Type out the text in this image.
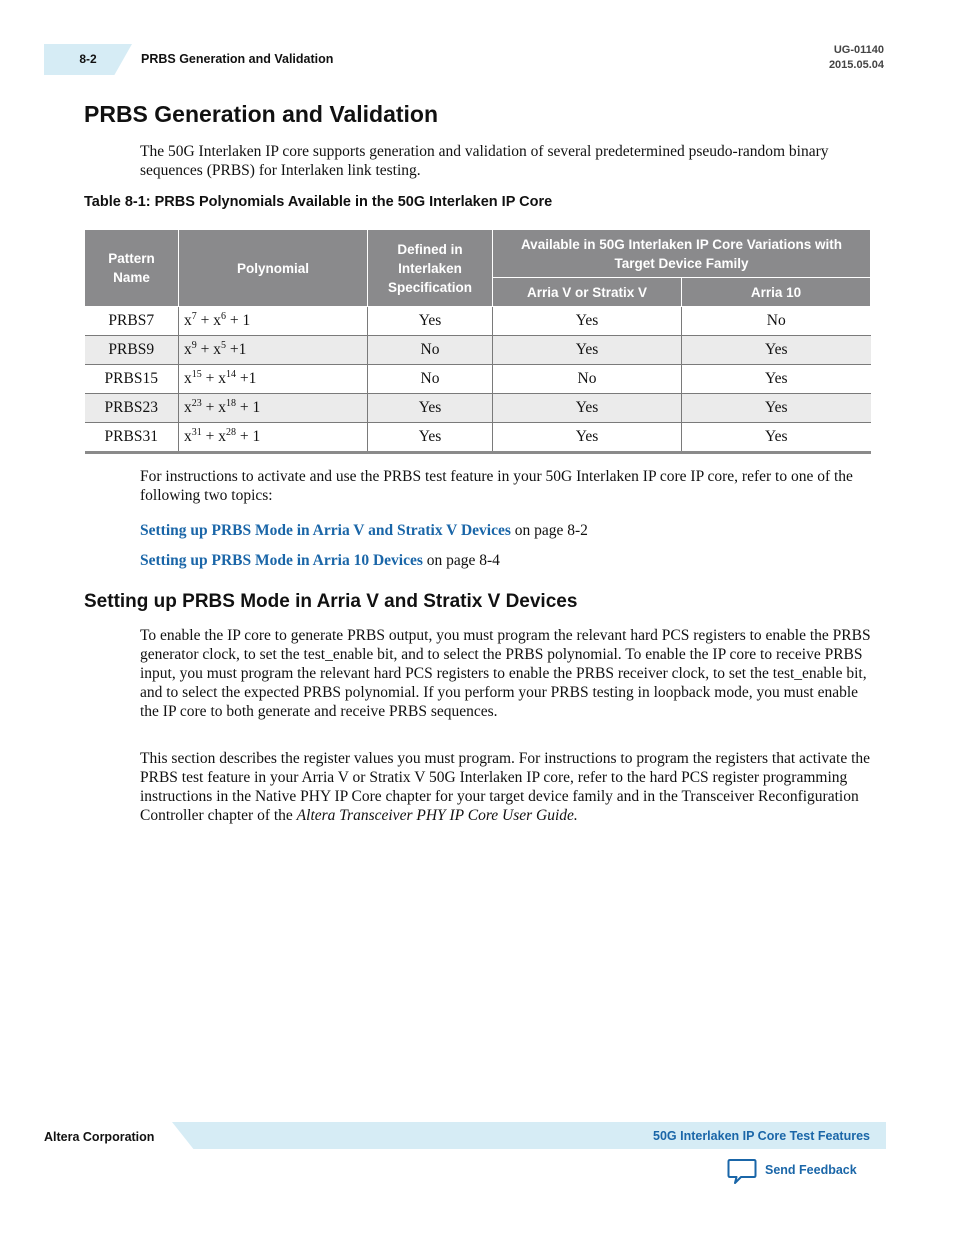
8-2	PRBS Generation and Validation
UG-01140
2015.05.04
PRBS Generation and Validation

The 50G Interlaken IP core supports generation and validation of several predetermined pseudo-random binary sequences (PRBS) for Interlaken link testing.

Table 8-1: PRBS Polynomials Available in the 50G Interlaken IP Core
Pattern Name	Polynomial	Defined in Interlaken Specification	Available in 50G Interlaken IP Core Variations with Target Device Family	
			Arria V or Stratix V	Arria 10
PRBS7	$x^7 + x^6 + 1$	Yes	Yes	No
PRBS9	$x^9 + x^5 +1$	No	Yes	Yes
PRBS15	$x^{15} + x^{14} +1$	No	No	Yes
PRBS23	$x^{23} + x^{18} + 1$	Yes	Yes	Yes
PRBS31	$x^{31} + x^{28} + 1$	Yes	Yes	Yes

For instructions to activate and use the PRBS test feature in your 50G Interlaken IP core IP core, refer to one of the following two topics:

Setting up PRBS Mode in Arria V and Stratix V Devices on page 8-2
Setting up PRBS Mode in Arria 10 Devices on page 8-4
Setting up PRBS Mode in Arria V and Stratix V Devices

To enable the IP core to generate PRBS output, you must program the relevant hard PCS registers to enable the PRBS generator clock, to set the test_enable bit, and to select the PRBS polynomial. To enable the IP core to receive PRBS input, you must program the relevant hard PCS registers to enable the PRBS receiver clock, to set the test_enable bit, and to select the expected PRBS polynomial. If you perform your PRBS testing in loopback mode, you must enable the IP core to both generate and receive PRBS sequences.

This section describes the register values you must program. For instructions to program the registers that activate the PRBS test feature in your Arria V or Stratix V 50G Interlaken IP core, refer to the hard PCS register programming instructions in the Native PHY IP Core chapter for your target device family and in the Transceiver Reconfiguration Controller chapter of the Altera Transceiver PHY IP Core User Guide.

Altera Corporation	50G Interlaken IP Core Test Features
Send Feedback
